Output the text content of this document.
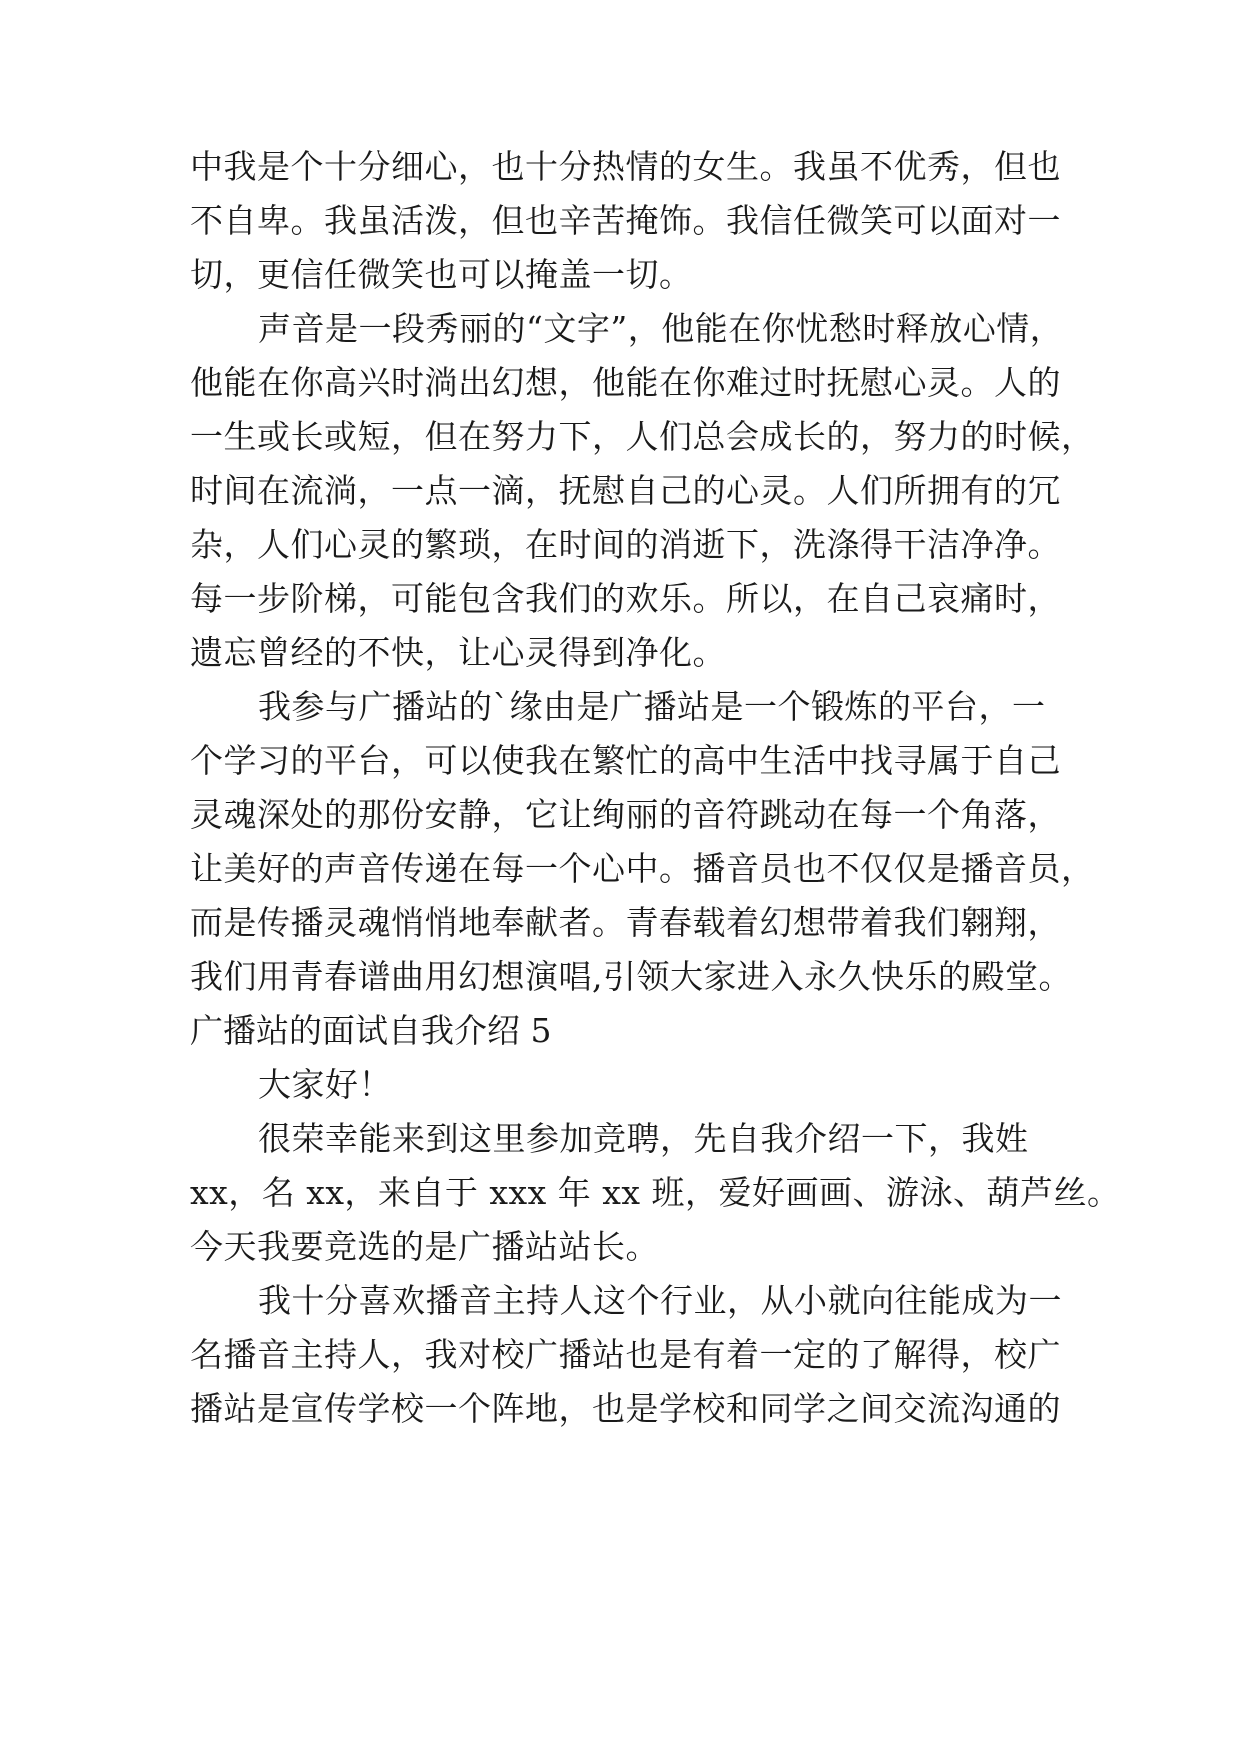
中我是个十分细心，也十分热情的女生。我虽不优秀，但也
不自卑。我虽活泼，但也辛苦掩饰。我信任微笑可以面对一
切，更信任微笑也可以掩盖一切。
声音是一段秀丽的“文字”，他能在你忧愁时释放心情，
他能在你高兴时淌出幻想，他能在你难过时抚慰心灵。人的
一生或长或短，但在努力下，人们总会成长的，努力的时候，
时间在流淌，一点一滴，抚慰自己的心灵。人们所拥有的冗
杂，人们心灵的繁琐，在时间的消逝下，洗涤得干洁净净。
每一步阶梯，可能包含我们的欢乐。所以，在自己哀痛时，
遗忘曾经的不快，让心灵得到净化。
我参与广播站的`缘由是广播站是一个锻炼的平台，一
个学习的平台，可以使我在繁忙的高中生活中找寻属于自己
灵魂深处的那份安静，它让绚丽的音符跳动在每一个角落，
让美好的声音传递在每一个心中。播音员也不仅仅是播音员，
而是传播灵魂悄悄地奉献者。青春载着幻想带着我们翱翔，
我们用青春谱曲用幻想演唱,引领大家进入永久快乐的殿堂。
广播站的面试自我介绍 5
大家好！
很荣幸能来到这里参加竞聘，先自我介绍一下，我姓
xx，名 xx，来自于 xxx 年 xx 班，爱好画画、游泳、葫芦丝。
今天我要竞选的是广播站站长。
我十分喜欢播音主持人这个行业，从小就向往能成为一
名播音主持人，我对校广播站也是有着一定的了解得，校广
播站是宣传学校一个阵地，也是学校和同学之间交流沟通的
